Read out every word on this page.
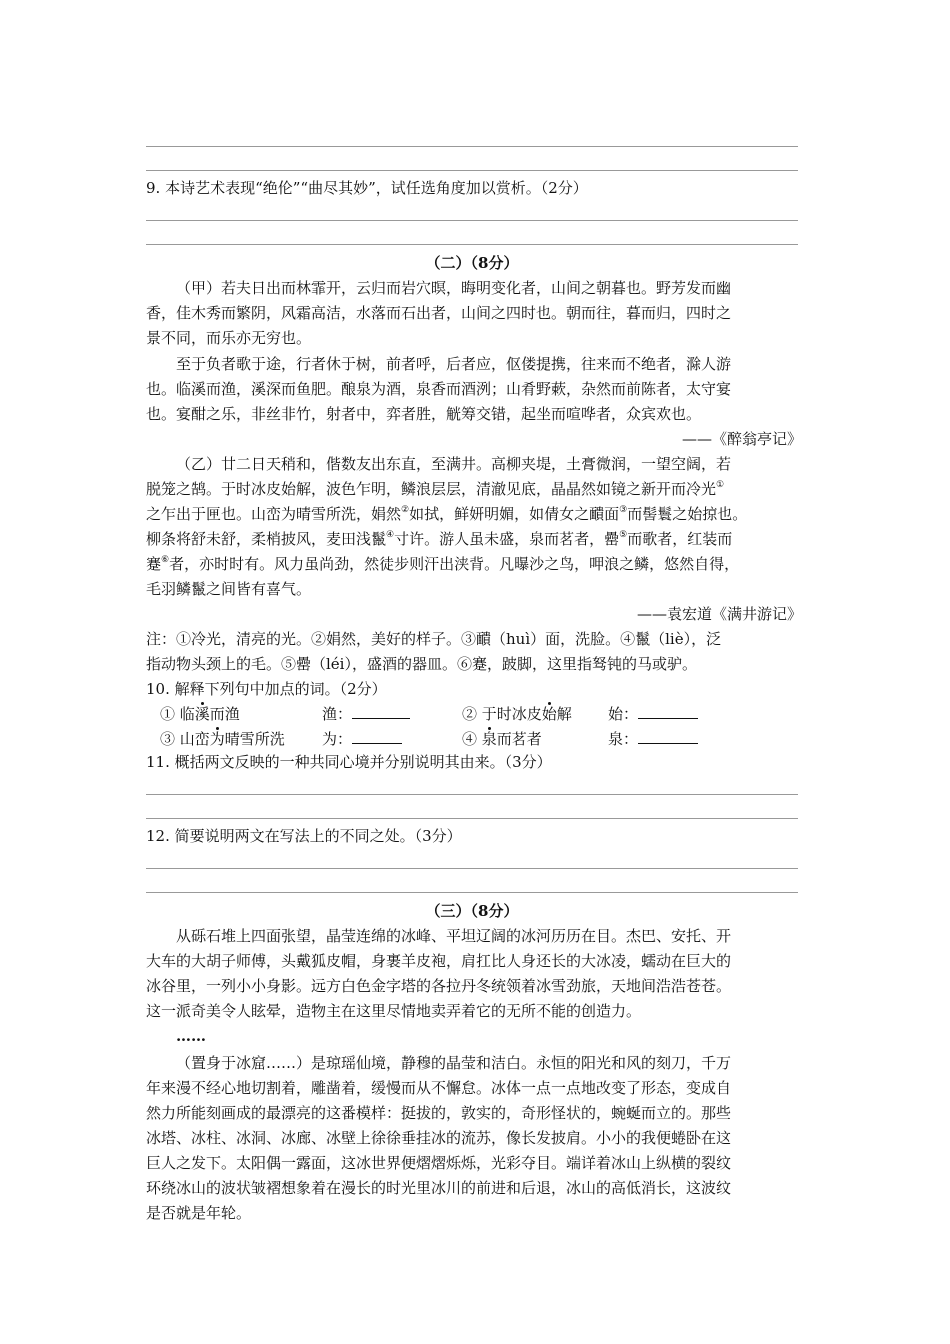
9. 本诗艺术表现“绝伦”“曲尽其妙”，试任选角度加以赏析。（2分）
（二）（8分）
（甲）若夫日出而林霏开，云归而岩穴暝，晦明变化者，山间之朝暮也。野芳发而幽
香，佳木秀而繁阴，风霜高洁，水落而石出者，山间之四时也。朝而往，暮而归，四时之
景不同，而乐亦无穷也。
至于负者歌于途，行者休于树，前者呼，后者应，伛偻提携，往来而不绝者，滁人游
也。临溪而渔，溪深而鱼肥。酿泉为酒，泉香而酒洌；山肴野蔌，杂然而前陈者，太守宴
也。宴酣之乐，非丝非竹，射者中，弈者胜，觥筹交错，起坐而喧哗者，众宾欢也。
——《醉翁亭记》
（乙）廿二日天稍和，偕数友出东直，至满井。高柳夹堤，土膏微润，一望空阔，若
脱笼之鹄。于时冰皮始解，波色乍明，鳞浪层层，清澈见底，晶晶然如镜之新开而冷光①
之乍出于匣也。山峦为晴雪所洗，娟然②如拭，鲜妍明媚，如倩女之靧面③而髻鬟之始掠也。
柳条将舒未舒，柔梢披风，麦田浅鬣④寸许。游人虽未盛，泉而茗者，罍⑤而歌者，红装而
蹇⑥者，亦时时有。风力虽尚劲，然徒步则汗出浃背。凡曝沙之鸟，呷浪之鳞，悠然自得，
毛羽鳞鬣之间皆有喜气。
——袁宏道《满井游记》
注：①冷光，清亮的光。②娟然，美好的样子。③靧（huì）面，洗脸。④鬣（liè），泛
指动物头颈上的毛。⑤罍（léi），盛酒的器皿。⑥蹇，跛脚，这里指驽钝的马或驴。
10. 解释下列句中加点的词。（2分）
① 临溪而渔	渔：	② 于时冰皮始解 始：
③ 山峦为晴雪所洗 为：	④ 泉而茗者	泉：
11. 概括两文反映的一种共同心境并分别说明其由来。（3分）
12. 简要说明两文在写法上的不同之处。（3分）
（三）（8分）
从砾石堆上四面张望，晶莹连绵的冰峰、平坦辽阔的冰河历历在目。杰巴、安托、开
大车的大胡子师傅，头戴狐皮帽，身裹羊皮袍，肩扛比人身还长的大冰凌，蠕动在巨大的
冰谷里，一列小小身影。远方白色金字塔的各拉丹冬统领着冰雪劲旅，天地间浩浩苍苍。
这一派奇美令人眩晕，造物主在这里尽情地卖弄着它的无所不能的创造力。
……
（置身于冰窟……）是琼瑶仙境，静穆的晶莹和洁白。永恒的阳光和风的刻刀，千万
年来漫不经心地切割着，雕凿着，缓慢而从不懈怠。冰体一点一点地改变了形态，变成自
然力所能刻画成的最漂亮的这番模样：挺拔的，敦实的，奇形怪状的，蜿蜒而立的。那些
冰塔、冰柱、冰洞、冰廊、冰壁上徐徐垂挂冰的流苏，像长发披肩。小小的我便蜷卧在这
巨人之发下。太阳偶一露面，这冰世界便熠熠烁烁，光彩夺目。端详着冰山上纵横的裂纹
环绕冰山的波状皱褶想象着在漫长的时光里冰川的前进和后退，冰山的高低消长，这波纹
是否就是年轮。
